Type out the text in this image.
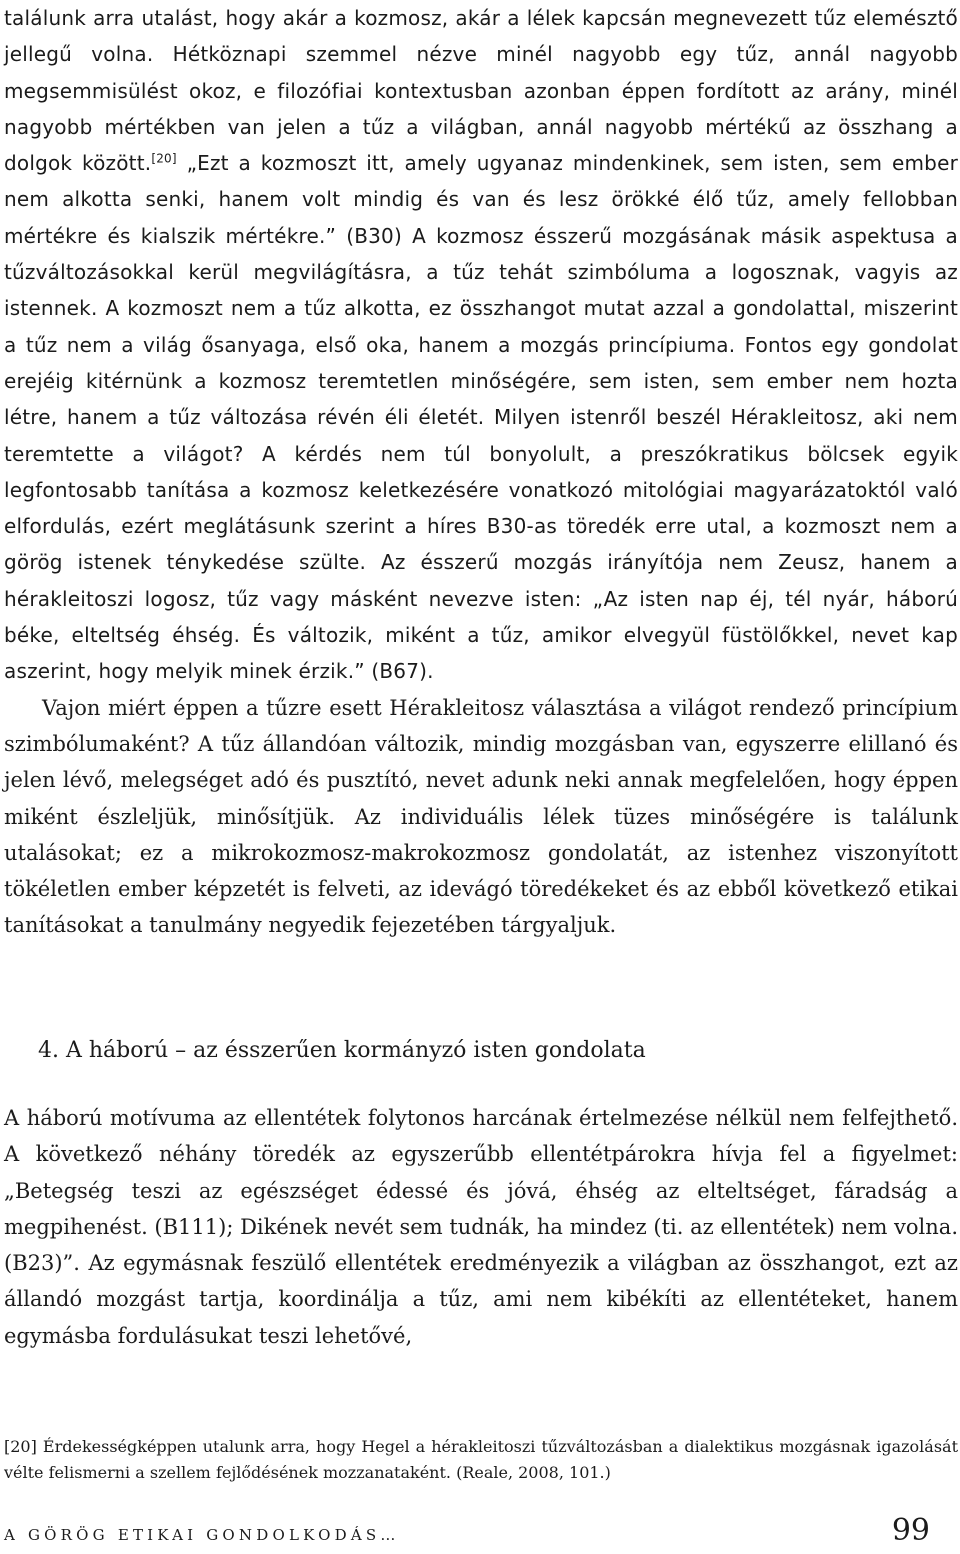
találunk arra utalást, hogy akár a kozmosz, akár a lélek kapcsán megnevezett tűz elemésztő jellegű volna. Hétköznapi szemmel nézve minél nagyobb egy tűz, annál nagyobb megsemmisülést okoz, e filozófiai kontextusban azonban éppen fordított az arány, minél nagyobb mértékben van jelen a tűz a világban, annál nagyobb mértékű az összhang a dolgok között.[20] „Ezt a kozmoszt itt, amely ugyanaz mindenkinek, sem isten, sem ember nem alkotta senki, hanem volt mindig és van és lesz örökké élő tűz, amely fellobban mértékre és kialszik mértékre.” (B30) A kozmosz ésszerű mozgásának másik aspektusa a tűzváltozásokkal kerül megvilágításra, a tűz tehát szimbóluma a logosznak, vagyis az istennek. A kozmoszt nem a tűz alkotta, ez összhangot mutat azzal a gondolattal, miszerint a tűz nem a világ ősanyaga, első oka, hanem a mozgás princípiuma. Fontos egy gondolat erejéig kitérnünk a kozmosz teremtetlen minőségére, sem isten, sem ember nem hozta létre, hanem a tűz változása révén éli életét. Milyen istenről beszél Hérakleitosz, aki nem teremtette a világot? A kérdés nem túl bonyolult, a preszókratikus bölcsek egyik legfontosabb tanítása a kozmosz keletkezésére vonatkozó mitológiai magyarázatoktól való elfordulás, ezért meglátásunk szerint a híres B30-as töredék erre utal, a kozmoszt nem a görög istenek ténykedése szülte. Az ésszerű mozgás irányítója nem Zeusz, hanem a hérakleitoszi logosz, tűz vagy másként nevezve isten: „Az isten nap éj, tél nyár, háború béke, elteltség éhség. És változik, miként a tűz, amikor elvegyül füstölőkkel, nevet kap aszerint, hogy melyik minek érzik.” (B67).

Vajon miért éppen a tűzre esett Hérakleitosz választása a világot rendező princípium szimbólumaként? A tűz állandóan változik, mindig mozgásban van, egyszerre elillanó és jelen lévő, melegséget adó és pusztító, nevet adunk neki annak megfelelően, hogy éppen miként észleljük, minősítjük. Az individuális lélek tüzes minőségére is találunk utalásokat; ez a mikrokozmosz-makrokozmosz gondolatát, az istenhez viszonyított tökéletlen ember képzetét is felveti, az idevágó töredékeket és az ebből következő etikai tanításokat a tanulmány negyedik fejezetében tárgyaljuk.

4. A háború – az ésszerűen kormányzó isten gondolata

A háború motívuma az ellentétek folytonos harcának értelmezése nélkül nem felfejthető. A következő néhány töredék az egyszerűbb ellentétpárokra hívja fel a figyelmet: „Betegség teszi az egészséget édessé és jóvá, éhség az elteltséget, fáradság a megpihenést. (B111); Dikének nevét sem tudnák, ha mindez (ti. az ellentétek) nem volna. (B23)”. Az egymásnak feszülő ellentétek eredményezik a világban az összhangot, ezt az állandó mozgást tartja, koordinálja a tűz, ami nem kibékíti az ellentéteket, hanem egymásba fordulásukat teszi lehetővé,

[20] Érdekességképpen utalunk arra, hogy Hegel a hérakleitoszi tűzváltozásban a dialektikus mozgásnak igazolását vélte felismerni a szellem fejlődésének mozzanataként. (Reale, 2008, 101.)

A GÖRÖG ETIKAI GONDOLKODÁS…	99
